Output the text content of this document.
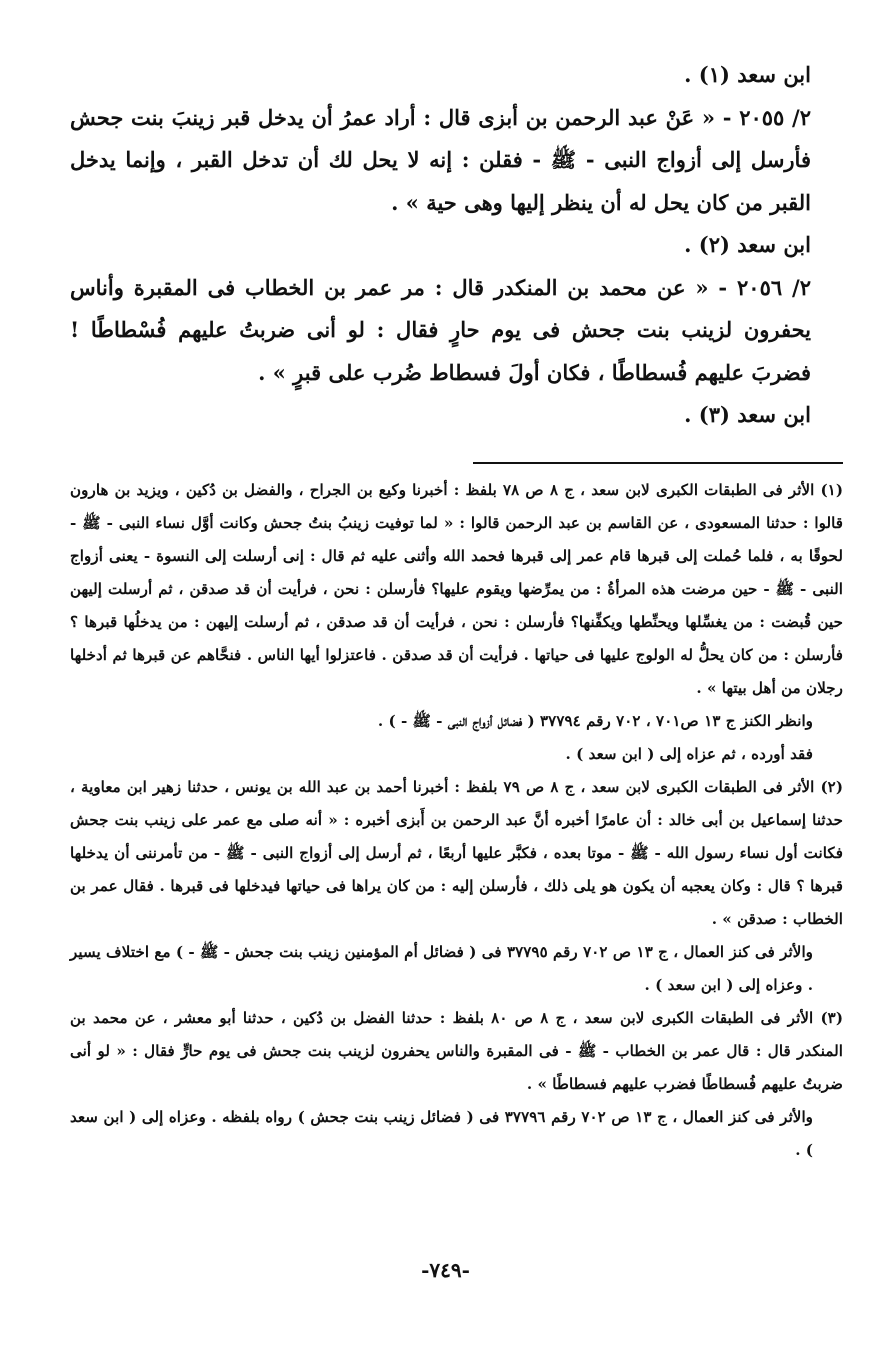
ابن سعد (١) .

٢/ ٢٠٥٥ - « عَنْ عبد الرحمن بن أبزى قال : أراد عمرُ أن يدخل قبر زينبَ بنت جحش فأرسل إلى أزواج النبى - ﷺ - فقلن : إنه لا يحل لك أن تدخل القبر ، وإنما يدخل القبر من كان يحل له أن ينظر إليها وهى حية » .

ابن سعد (٢) .

٢/ ٢٠٥٦ - « عن محمد بن المنكدر قال : مر عمر بن الخطاب فى المقبرة وأناس يحفرون لزينب بنت جحش فى يوم حارٍ فقال : لو أنى ضربتُ عليهم فُسْطاطًا ! فضربَ عليهم فُسطاطًا ، فكان أولَ فسطاط ضُرب على قبرٍ » .

ابن سعد (٣) .

(١) الأثر فى الطبقات الكبرى لابن سعد ، ج ٨ ص ٧٨ بلفظ : أخبرنا وكيع بن الجراح ، والفضل بن دُكين ، ويزيد بن هارون قالوا : حدثنا المسعودى ، عن القاسم بن عبد الرحمن قالوا : « لما توفيت زينبُ بنتُ جحش وكانت أوَّل نساء النبى - ﷺ - لحوقًا به ، فلما حُملت إلى قبرها قام عمر إلى قبرها فحمد الله وأثنى عليه ثم قال : إنى أرسلت إلى النسوة - يعنى أزواج النبى - ﷺ - حين مرضت هذه المرأةُ : من يمرِّضها ويقوم عليها؟ فأرسلن : نحن ، فرأيت أن قد صدقن ، ثم أرسلت إليهن حين قُبضت : من يغسِّلها ويحنِّطها ويكفِّنها؟ فأرسلن : نحن ، فرأيت أن قد صدقن ، ثم أرسلت إليهن : من يدخلُها قبرها ؟ فأرسلن : من كان يحلُّ له الولوج عليها فى حياتها . فرأيت أن قد صدقن . فاعتزلوا أيها الناس . فنحَّاهم عن قبرها ثم أدخلها رجلان من أهل بيتها » .

وانظر الكنز ج ١٣ ص٧٠١ ، ٧٠٢ رقم ٣٧٧٩٤ ( فضائل أزواج النبى - ﷺ - ) .

فقد أورده ، ثم عزاه إلى ( ابن سعد ) .

(٢) الأثر فى الطبقات الكبرى لابن سعد ، ج ٨ ص ٧٩ بلفظ : أخبرنا أحمد بن عبد الله بن يونس ، حدثنا زهير ابن معاوية ، حدثنا إسماعيل بن أبى خالد : أن عامرًا أخبره أنَّ عبد الرحمن بن أَبزى أخبره : « أنه صلى مع عمر على زينب بنت جحش فكانت أول نساء رسول الله - ﷺ - موتا بعده ، فكبَّر عليها أربعًا ، ثم أرسل إلى أزواج النبى - ﷺ - من تأمرننى أن يدخلها قبرها ؟ قال : وكان يعجبه أن يكون هو يلى ذلك ، فأرسلن إليه : من كان يراها فى حياتها فيدخلها فى قبرها . فقال عمر بن الخطاب : صدقن » .

والأثر فى كنز العمال ، ج ١٣ ص ٧٠٢ رقم ٣٧٧٩٥ فى ( فضائل أم المؤمنين زينب بنت جحش - ﷺ - ) مع اختلاف يسير . وعزاه إلى ( ابن سعد ) .

(٣) الأثر فى الطبقات الكبرى لابن سعد ، ج ٨ ص ٨٠ بلفظ : حدثنا الفضل بن دُكين ، حدثنا أبو معشر ، عن محمد بن المنكدر قال : قال عمر بن الخطاب - ﷺ - فى المقبرة والناس يحفرون لزينب بنت جحش فى يوم حارٍّ فقال : « لو أنى ضربتُ عليهم فُسطاطًا فضرب عليهم فسطاطًا » .

والأثر فى كنز العمال ، ج ١٣ ص ٧٠٢ رقم ٣٧٧٩٦ فى ( فضائل زينب بنت جحش ) رواه بلفظه . وعزاه إلى ( ابن سعد ) .

-٧٤٩-
